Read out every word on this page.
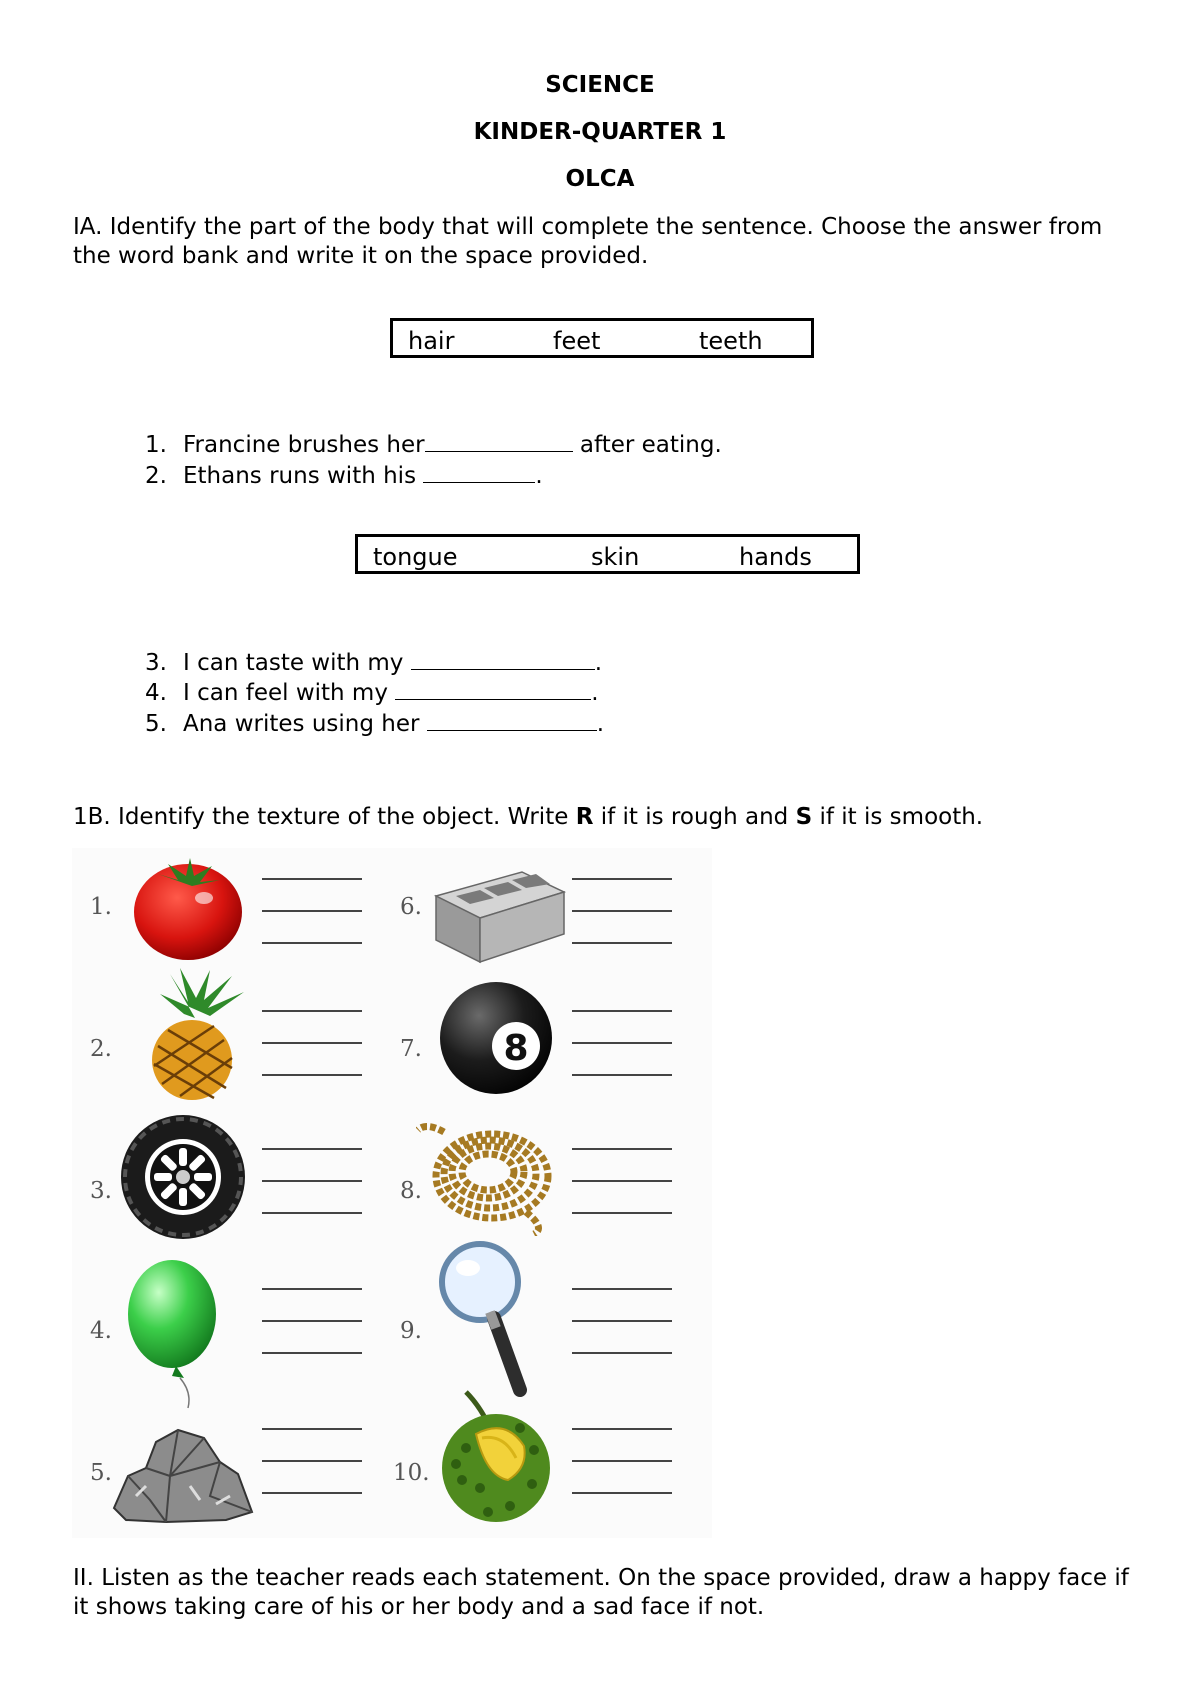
SCIENCE
KINDER-QUARTER 1
OLCA
IA. Identify the part of the body that will complete the sentence. Choose the answer from the word bank and write it on the space provided.
hair	feet	teeth
1. Francine brushes her	after eating.
2. Ethans runs with his	.
tongue	skin	hands
3. I can taste with my	.
4. I can feel with my	.
5. Ana writes using her	.
1B. Identify the texture of the object. Write R if it is rough and S if it is smooth.
1.
2.
3.
4.
5.
6.
7.
8.
9.
10.
8
II. Listen as the teacher reads each statement. On the space provided, draw a happy face if it shows taking care of his or her body and a sad face if not.
